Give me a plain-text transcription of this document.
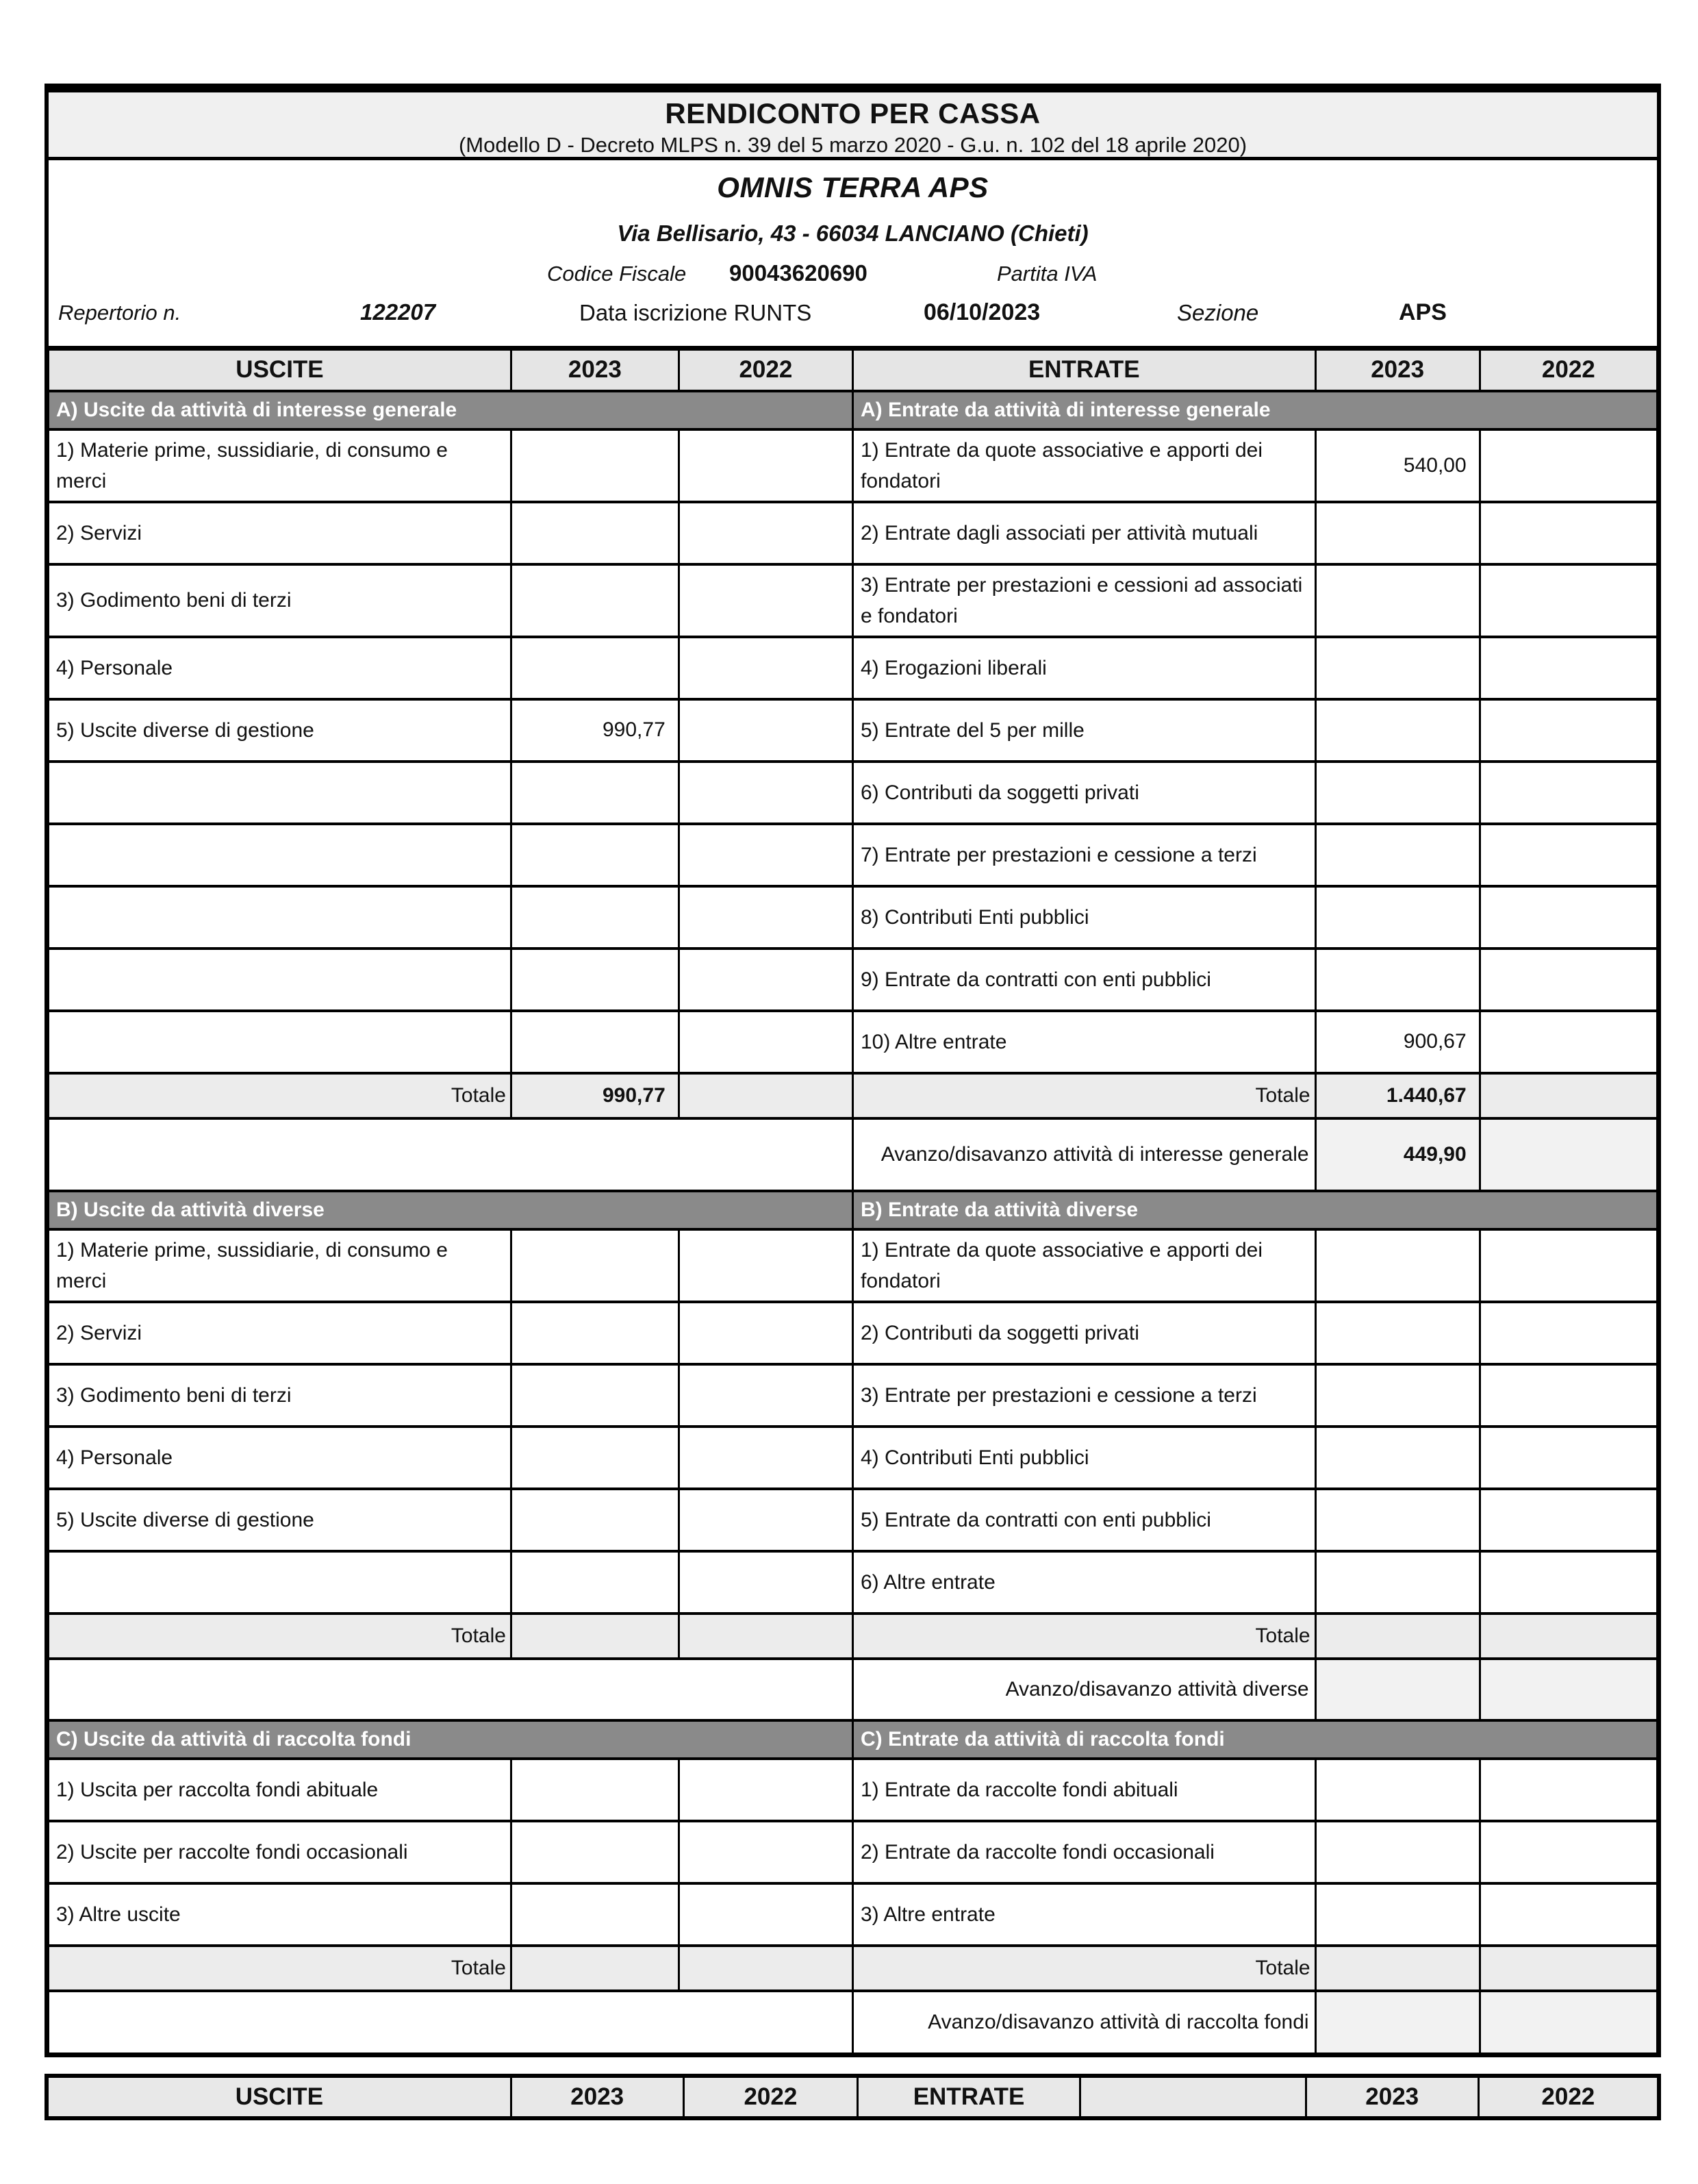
RENDICONTO PER CASSA
(Modello D - Decreto MLPS n. 39 del 5 marzo 2020 - G.u. n. 102 del 18 aprile 2020)
OMNIS TERRA APS
Via Bellisario, 43 - 66034 LANCIANO (Chieti)
Codice Fiscale 90043620690	Partita IVA
Repertorio n.	122207	Data iscrizione RUNTS	06/10/2023	Sezione	APS
USCITE	2023	2022	ENTRATE	2023	2022
A) Uscite da attività di interesse generale			A) Entrate da attività di interesse generale		
1) Materie prime, sussidiarie, di consumo e merci			1) Entrate da quote associative e apporti dei fondatori	540,00	
2) Servizi			2) Entrate dagli associati per attività mutuali		
3) Godimento beni di terzi			3) Entrate per prestazioni e cessioni ad associati e fondatori		
4) Personale			4) Erogazioni liberali		
5) Uscite diverse di gestione	990,77		5) Entrate del 5 per mille		
			6) Contributi da soggetti privati		
			7) Entrate per prestazioni e cessione a terzi		
			8) Contributi Enti pubblici		
			9) Entrate da contratti con enti pubblici		
			10) Altre entrate	900,67	
Totale	990,77		Totale	1.440,67	
			Avanzo/disavanzo attività di interesse generale	449,90	
B) Uscite da attività diverse			B) Entrate da attività diverse		
1) Materie prime, sussidiarie, di consumo e merci			1) Entrate da quote associative e apporti dei fondatori		
2) Servizi			2) Contributi da soggetti privati		
3) Godimento beni di terzi			3) Entrate per prestazioni e cessione a terzi		
4) Personale			4) Contributi Enti pubblici		
5) Uscite diverse di gestione			5) Entrate da contratti con enti pubblici		
			6) Altre entrate		
Totale			Totale		
			Avanzo/disavanzo attività diverse		
C) Uscite da attività di raccolta fondi			C) Entrate da attività di raccolta fondi		
1) Uscita per raccolta fondi abituale			1) Entrate da raccolte fondi abituali		
2) Uscite per raccolte fondi occasionali			2) Entrate da raccolte fondi occasionali		
3) Altre uscite			3) Altre entrate		
Totale			Totale		
			Avanzo/disavanzo attività di raccolta fondi		
USCITE	2023	2022	ENTRATE		2023	2022
